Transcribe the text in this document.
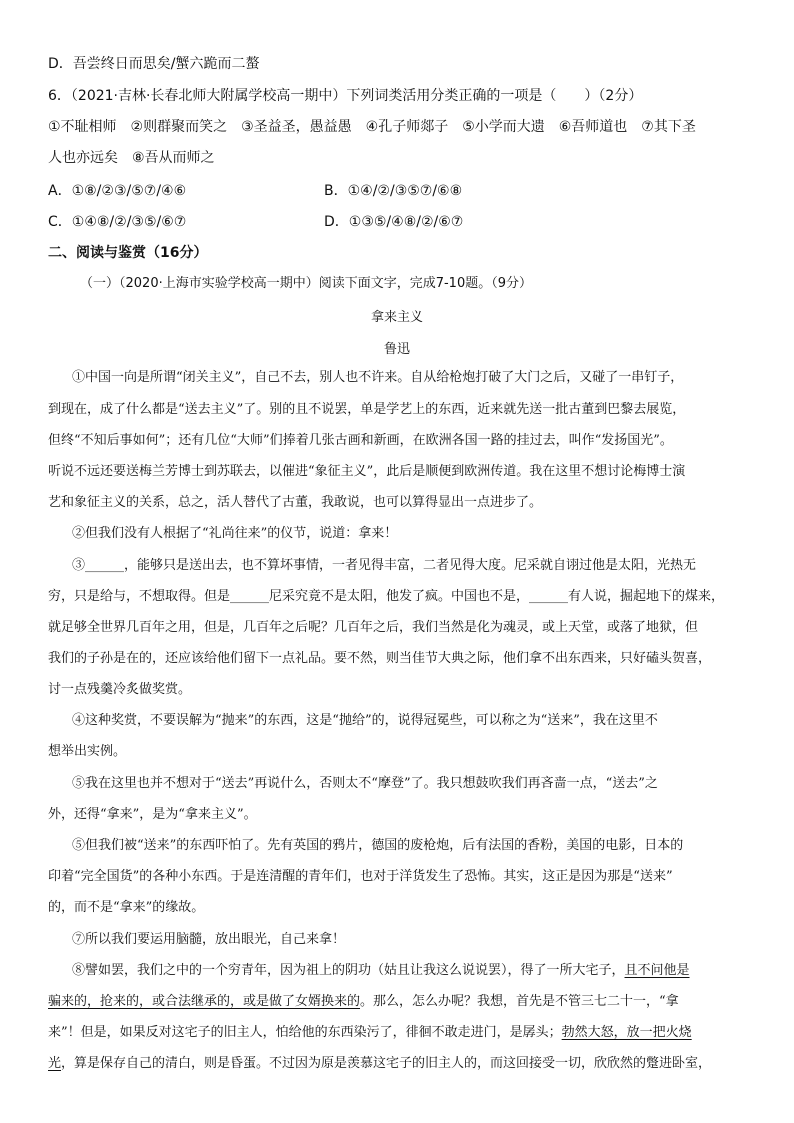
D．吾尝终日而思矣/蟹六跪而二螯
6．（2021·吉林·长春北师大附属学校高一期中）下列词类活用分类正确的一项是（　　）（2分）
①不耻相师　②则群聚而笑之　③圣益圣，愚益愚　④孔子师郯子　⑤小学而大遗　⑥吾师道也　⑦其下圣
人也亦远矣　⑧吾从而师之
A．①⑧/②③/⑤⑦/④⑥	B．①④/②/③⑤⑦/⑥⑧
C．①④⑧/②/③⑤/⑥⑦	D．①③⑤/④⑧/②/⑥⑦
二、阅读与鉴赏（16分）
（一）（2020·上海市实验学校高一期中）阅读下面文字，完成7-10题。（9分）
拿来主义
鲁迅
①中国一向是所谓“闭关主义”，自己不去，别人也不许来。自从给枪炮打破了大门之后，又碰了一串钉子，
到现在，成了什么都是“送去主义”了。别的且不说罢，单是学艺上的东西，近来就先送一批古董到巴黎去展览，
但终“不知后事如何”；还有几位“大师”们捧着几张古画和新画，在欧洲各国一路的挂过去，叫作“发扬国光”。
听说不远还要送梅兰芳博士到苏联去，以催进“象征主义”，此后是顺便到欧洲传道。我在这里不想讨论梅博士演
艺和象征主义的关系，总之，活人替代了古董，我敢说，也可以算得显出一点进步了。
②但我们没有人根据了“礼尚往来”的仪节，说道：拿来！
③______，能够只是送出去，也不算坏事情，一者见得丰富，二者见得大度。尼采就自诩过他是太阳，光热无
穷，只是给与，不想取得。但是______尼采究竟不是太阳，他发了疯。中国也不是，______有人说，掘起地下的煤来，
就足够全世界几百年之用，但是，几百年之后呢？几百年之后，我们当然是化为魂灵，或上天堂，或落了地狱，但
我们的子孙是在的，还应该给他们留下一点礼品。要不然，则当佳节大典之际，他们拿不出东西来，只好磕头贺喜，
讨一点残羹冷炙做奖赏。
④这种奖赏，不要误解为“抛来”的东西，这是“抛给”的，说得冠冕些，可以称之为“送来”，我在这里不
想举出实例。
⑤我在这里也并不想对于“送去”再说什么，否则太不“摩登”了。我只想鼓吹我们再吝啬一点，“送去”之
外，还得“拿来”，是为“拿来主义”。
⑤但我们被“送来”的东西吓怕了。先有英国的鸦片，德国的废枪炮，后有法国的香粉，美国的电影，日本的
印着“完全国货”的各种小东西。于是连清醒的青年们，也对于洋货发生了恐怖。其实，这正是因为那是“送来”
的，而不是“拿来”的缘故。
⑦所以我们要运用脑髓，放出眼光，自己来拿！
⑧譬如罢，我们之中的一个穷青年，因为祖上的阴功（姑且让我这么说说罢），得了一所大宅子，且不问他是
骗来的，抢来的，或合法继承的，或是做了女婿换来的。那么，怎么办呢？我想，首先是不管三七二十一，“拿
来”！但是，如果反对这宅子的旧主人，怕给他的东西染污了，徘徊不敢走进门，是孱头；勃然大怒，放一把火烧
光，算是保存自己的清白，则是昏蛋。不过因为原是羡慕这宅子的旧主人的，而这回接受一切，欣欣然的蹩进卧室，
